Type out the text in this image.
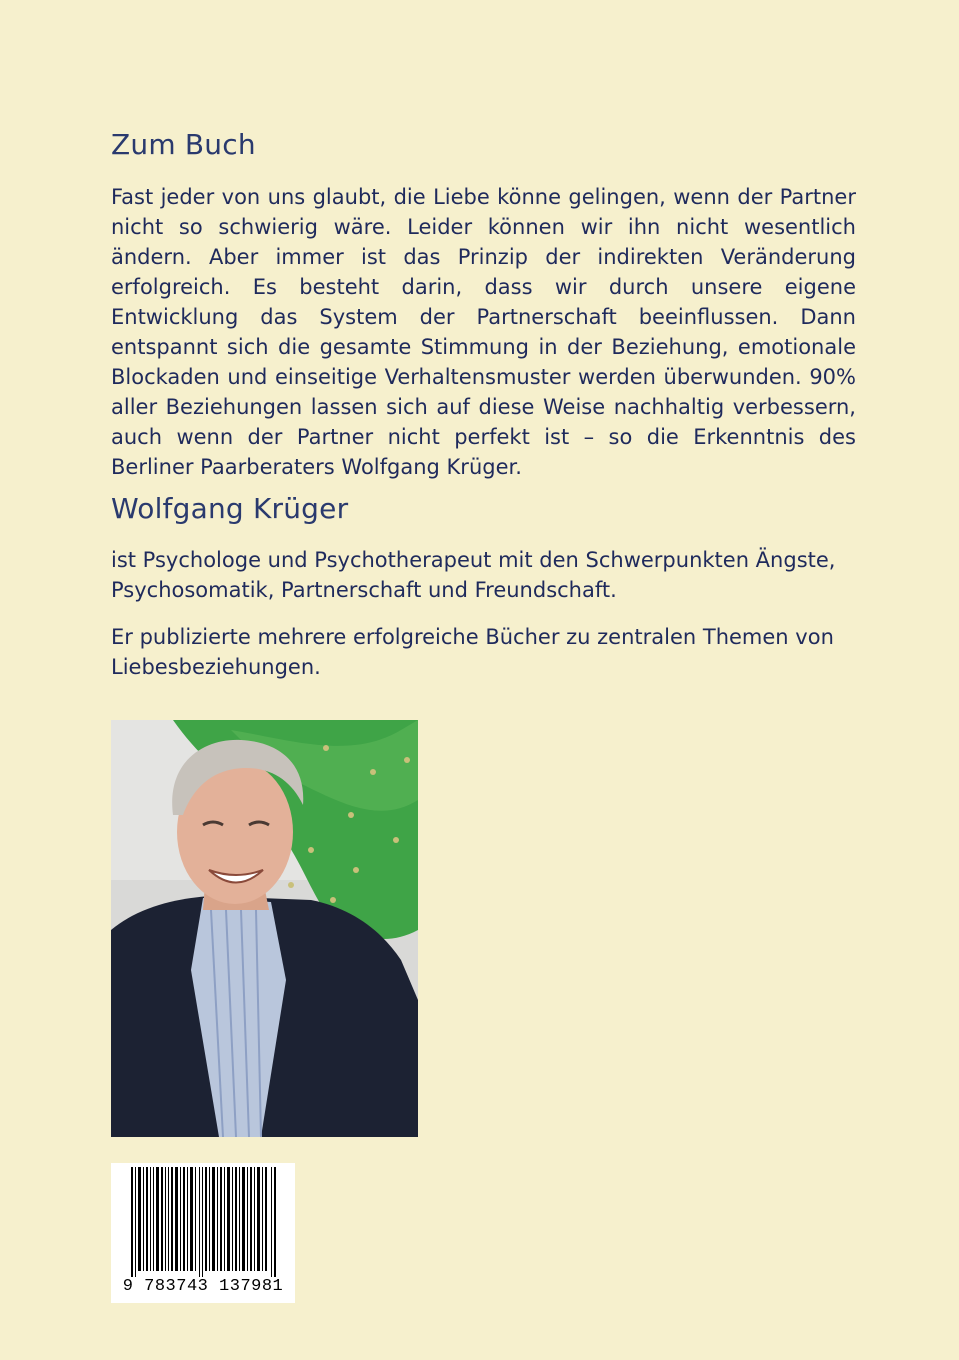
Zum Buch

Fast jeder von uns glaubt, die Liebe könne gelingen, wenn der Partner nicht so schwierig wäre. Leider können wir ihn nicht wesentlich ändern. Aber immer ist das Prinzip der indirekten Veränderung erfolgreich. Es besteht darin, dass wir durch unsere eigene Entwicklung das System der Partnerschaft beeinflussen. Dann entspannt sich die gesamte Stimmung in der Beziehung, emotionale Blockaden und einseitige Verhaltensmuster werden überwunden. 90% aller Beziehungen lassen sich auf diese Weise nachhaltig verbessern, auch wenn der Partner nicht perfekt ist – so die Erkenntnis des Berliner Paarberaters Wolfgang Krüger.

Wolfgang Krüger

ist Psychologe und Psychotherapeut mit den Schwerpunkten Ängste, Psychosomatik, Partnerschaft und Freundschaft.

Er publizierte mehrere erfolgreiche Bücher zu zentralen Themen von Liebesbeziehungen.

9 783743 137981
